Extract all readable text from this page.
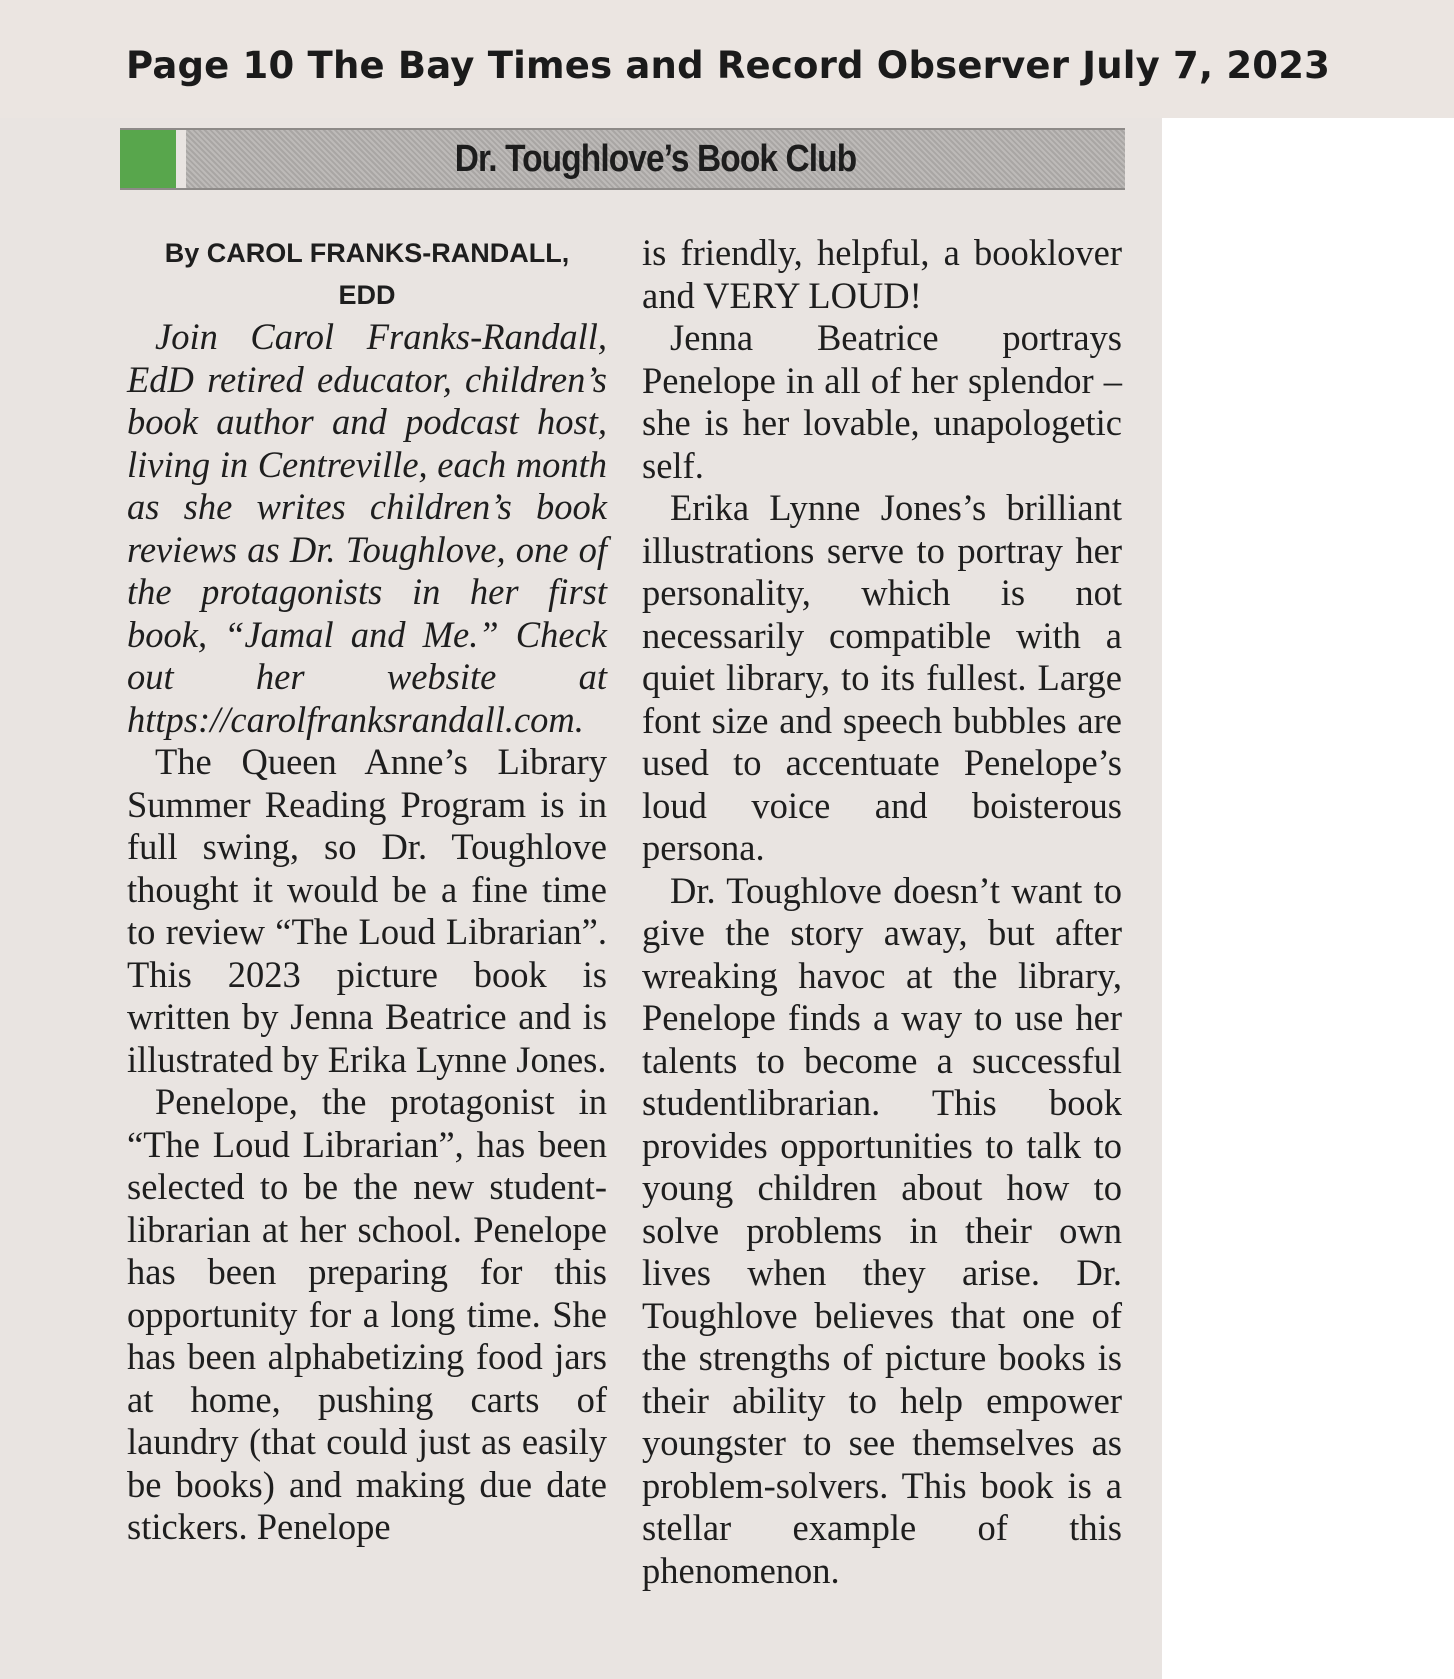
Page 10 The Bay Times and Record Observer July 7, 2023
Dr. Toughlove’s Book Club

By CAROL FRANKS-RANDALL,
EDD

Join Carol Franks-Randall, EdD retired educator, children’s book author and podcast host, living in Centreville, each month as she writes children’s book reviews as Dr. Toughlove, one of the protagonists in her first book, “Jamal and Me.” Check out her website at https://carolfranksrandall.com.

The Queen Anne’s Library Summer Reading Program is in full swing, so Dr. Toughlove thought it would be a fine time to review “The Loud Librarian”. This 2023 picture book is written by Jenna Beatrice and is illustrated by Erika Lynne Jones.

Penelope, the protagonist in “The Loud Librarian”, has been selected to be the new student- librarian at her school. Penelope has been preparing for this opportunity for a long time. She has been alphabetizing food jars at home, pushing carts of laundry (that could just as easily be books) and making due date stickers. Penelope

is friendly, helpful, a booklover and VERY LOUD!

Jenna Beatrice portrays Penelope in all of her splendor – she is her lovable, unapologetic self.

Erika Lynne Jones’s brilliant illustrations serve to portray her personality, which is not necessarily compatible with a quiet library, to its fullest. Large font size and speech bubbles are used to accentuate Penelope’s loud voice and boisterous persona.

Dr. Toughlove doesn’t want to give the story away, but after wreaking havoc at the library, Penelope finds a way to use her talents to become a successful studentlibrarian. This book provides opportunities to talk to young children about how to solve problems in their own lives when they arise. Dr. Toughlove believes that one of the strengths of picture books is their ability to help empower youngster to see themselves as problem-solvers. This book is a stellar example of this phenomenon.
